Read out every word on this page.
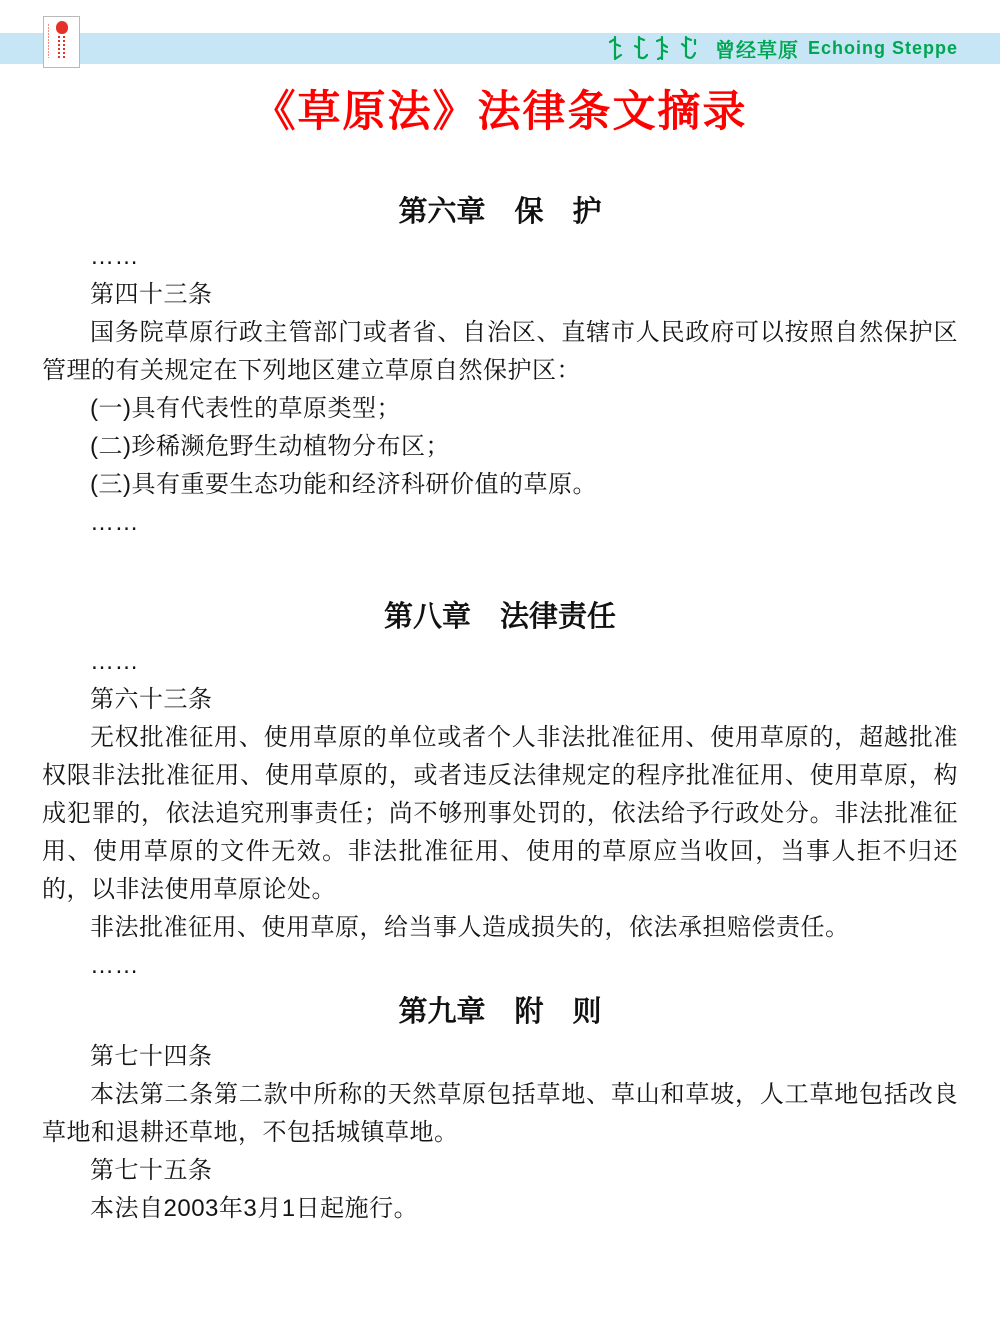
曾经草原 Echoing Steppe
《草原法》法律条文摘录
第六章　保　护

……

第四十三条

国务院草原行政主管部门或者省、自治区、直辖市人民政府可以按照自然保护区管理的有关规定在下列地区建立草原自然保护区：

(一)具有代表性的草原类型；

(二)珍稀濒危野生动植物分布区；

(三)具有重要生态功能和经济科研价值的草原。

……

第八章　法律责任

……

第六十三条

无权批准征用、使用草原的单位或者个人非法批准征用、使用草原的，超越批准权限非法批准征用、使用草原的，或者违反法律规定的程序批准征用、使用草原，构成犯罪的，依法追究刑事责任；尚不够刑事处罚的，依法给予行政处分。非法批准征用、使用草原的文件无效。非法批准征用、使用的草原应当收回，当事人拒不归还的，以非法使用草原论处。

非法批准征用、使用草原，给当事人造成损失的，依法承担赔偿责任。

……

第九章　附　则

第七十四条

本法第二条第二款中所称的天然草原包括草地、草山和草坡，人工草地包括改良草地和退耕还草地，不包括城镇草地。

第七十五条

本法自2003年3月1日起施行。
